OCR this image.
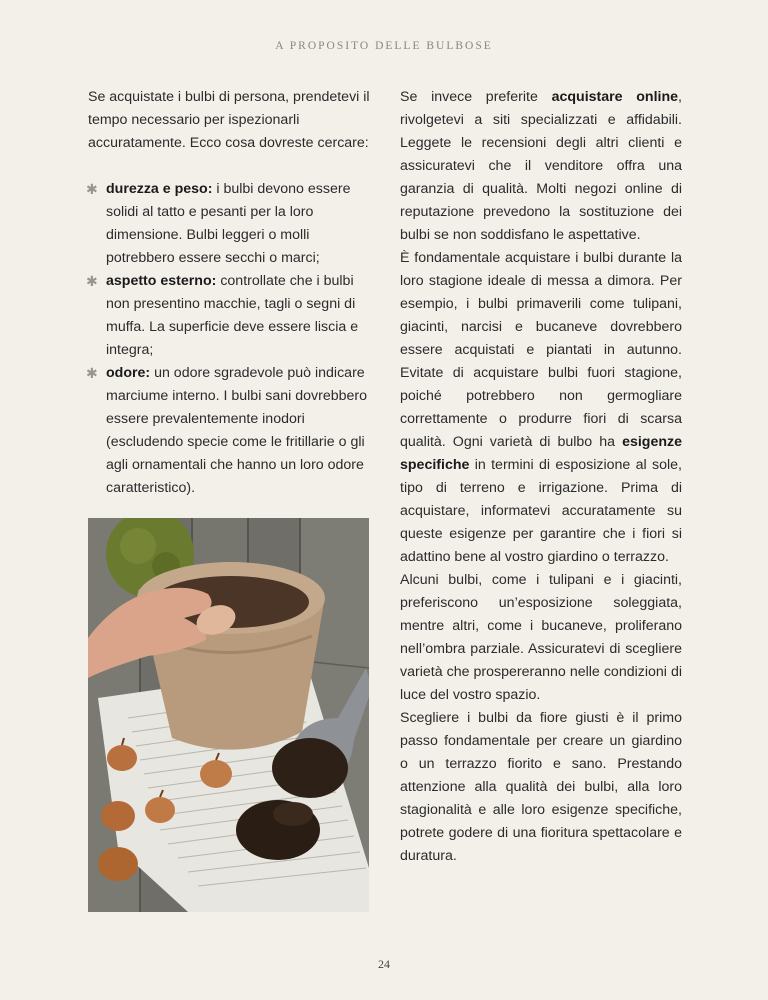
A PROPOSITO DELLE BULBOSE

Se acquistate i bulbi di persona, prendetevi il tempo necessario per ispezionarli accuratamente. Ecco cosa dovreste cercare:

✱ durezza e peso: i bulbi devono essere solidi al tatto e pesanti per la loro dimensione. Bulbi leggeri o molli potrebbero essere secchi o marci;
✱ aspetto esterno: controllate che i bulbi non presentino macchie, tagli o segni di muffa. La superficie deve essere liscia e integra;
✱ odore: un odore sgradevole può indicare marciume interno. I bulbi sani dovrebbero essere prevalentemente inodori (escludendo specie come le fritillarie o gli agli ornamentali che hanno un loro odore caratteristico).

Se invece preferite acquistare online, rivolgetevi a siti specializzati e affidabili. Leggete le recensioni degli altri clienti e assicuratevi che il venditore offra una garanzia di qualità. Molti negozi online di reputazione prevedono la sostituzione dei bulbi se non soddisfano le aspettative.

È fondamentale acquistare i bulbi durante la loro stagione ideale di messa a dimora. Per esempio, i bulbi primaverili come tulipani, giacinti, narcisi e bucaneve dovrebbero essere acquistati e piantati in autunno. Evitate di acquistare bulbi fuori stagione, poiché potrebbero non germogliare correttamente o produrre fiori di scarsa qualità. Ogni varietà di bulbo ha esigenze specifiche in termini di esposizione al sole, tipo di terreno e irrigazione. Prima di acquistare, informatevi accuratamente su queste esigenze per garantire che i fiori si adattino bene al vostro giardino o terrazzo.

Alcuni bulbi, come i tulipani e i giacinti, preferiscono un’esposizione soleggiata, mentre altri, come i bucaneve, proliferano nell’ombra parziale. Assicuratevi di scegliere varietà che prospereranno nelle condizioni di luce del vostro spazio.

Scegliere i bulbi da fiore giusti è il primo passo fondamentale per creare un giardino o un terrazzo fiorito e sano. Prestando attenzione alla qualità dei bulbi, alla loro stagionalità e alle loro esigenze specifiche, potrete godere di una fioritura spettacolare e duratura.

24
